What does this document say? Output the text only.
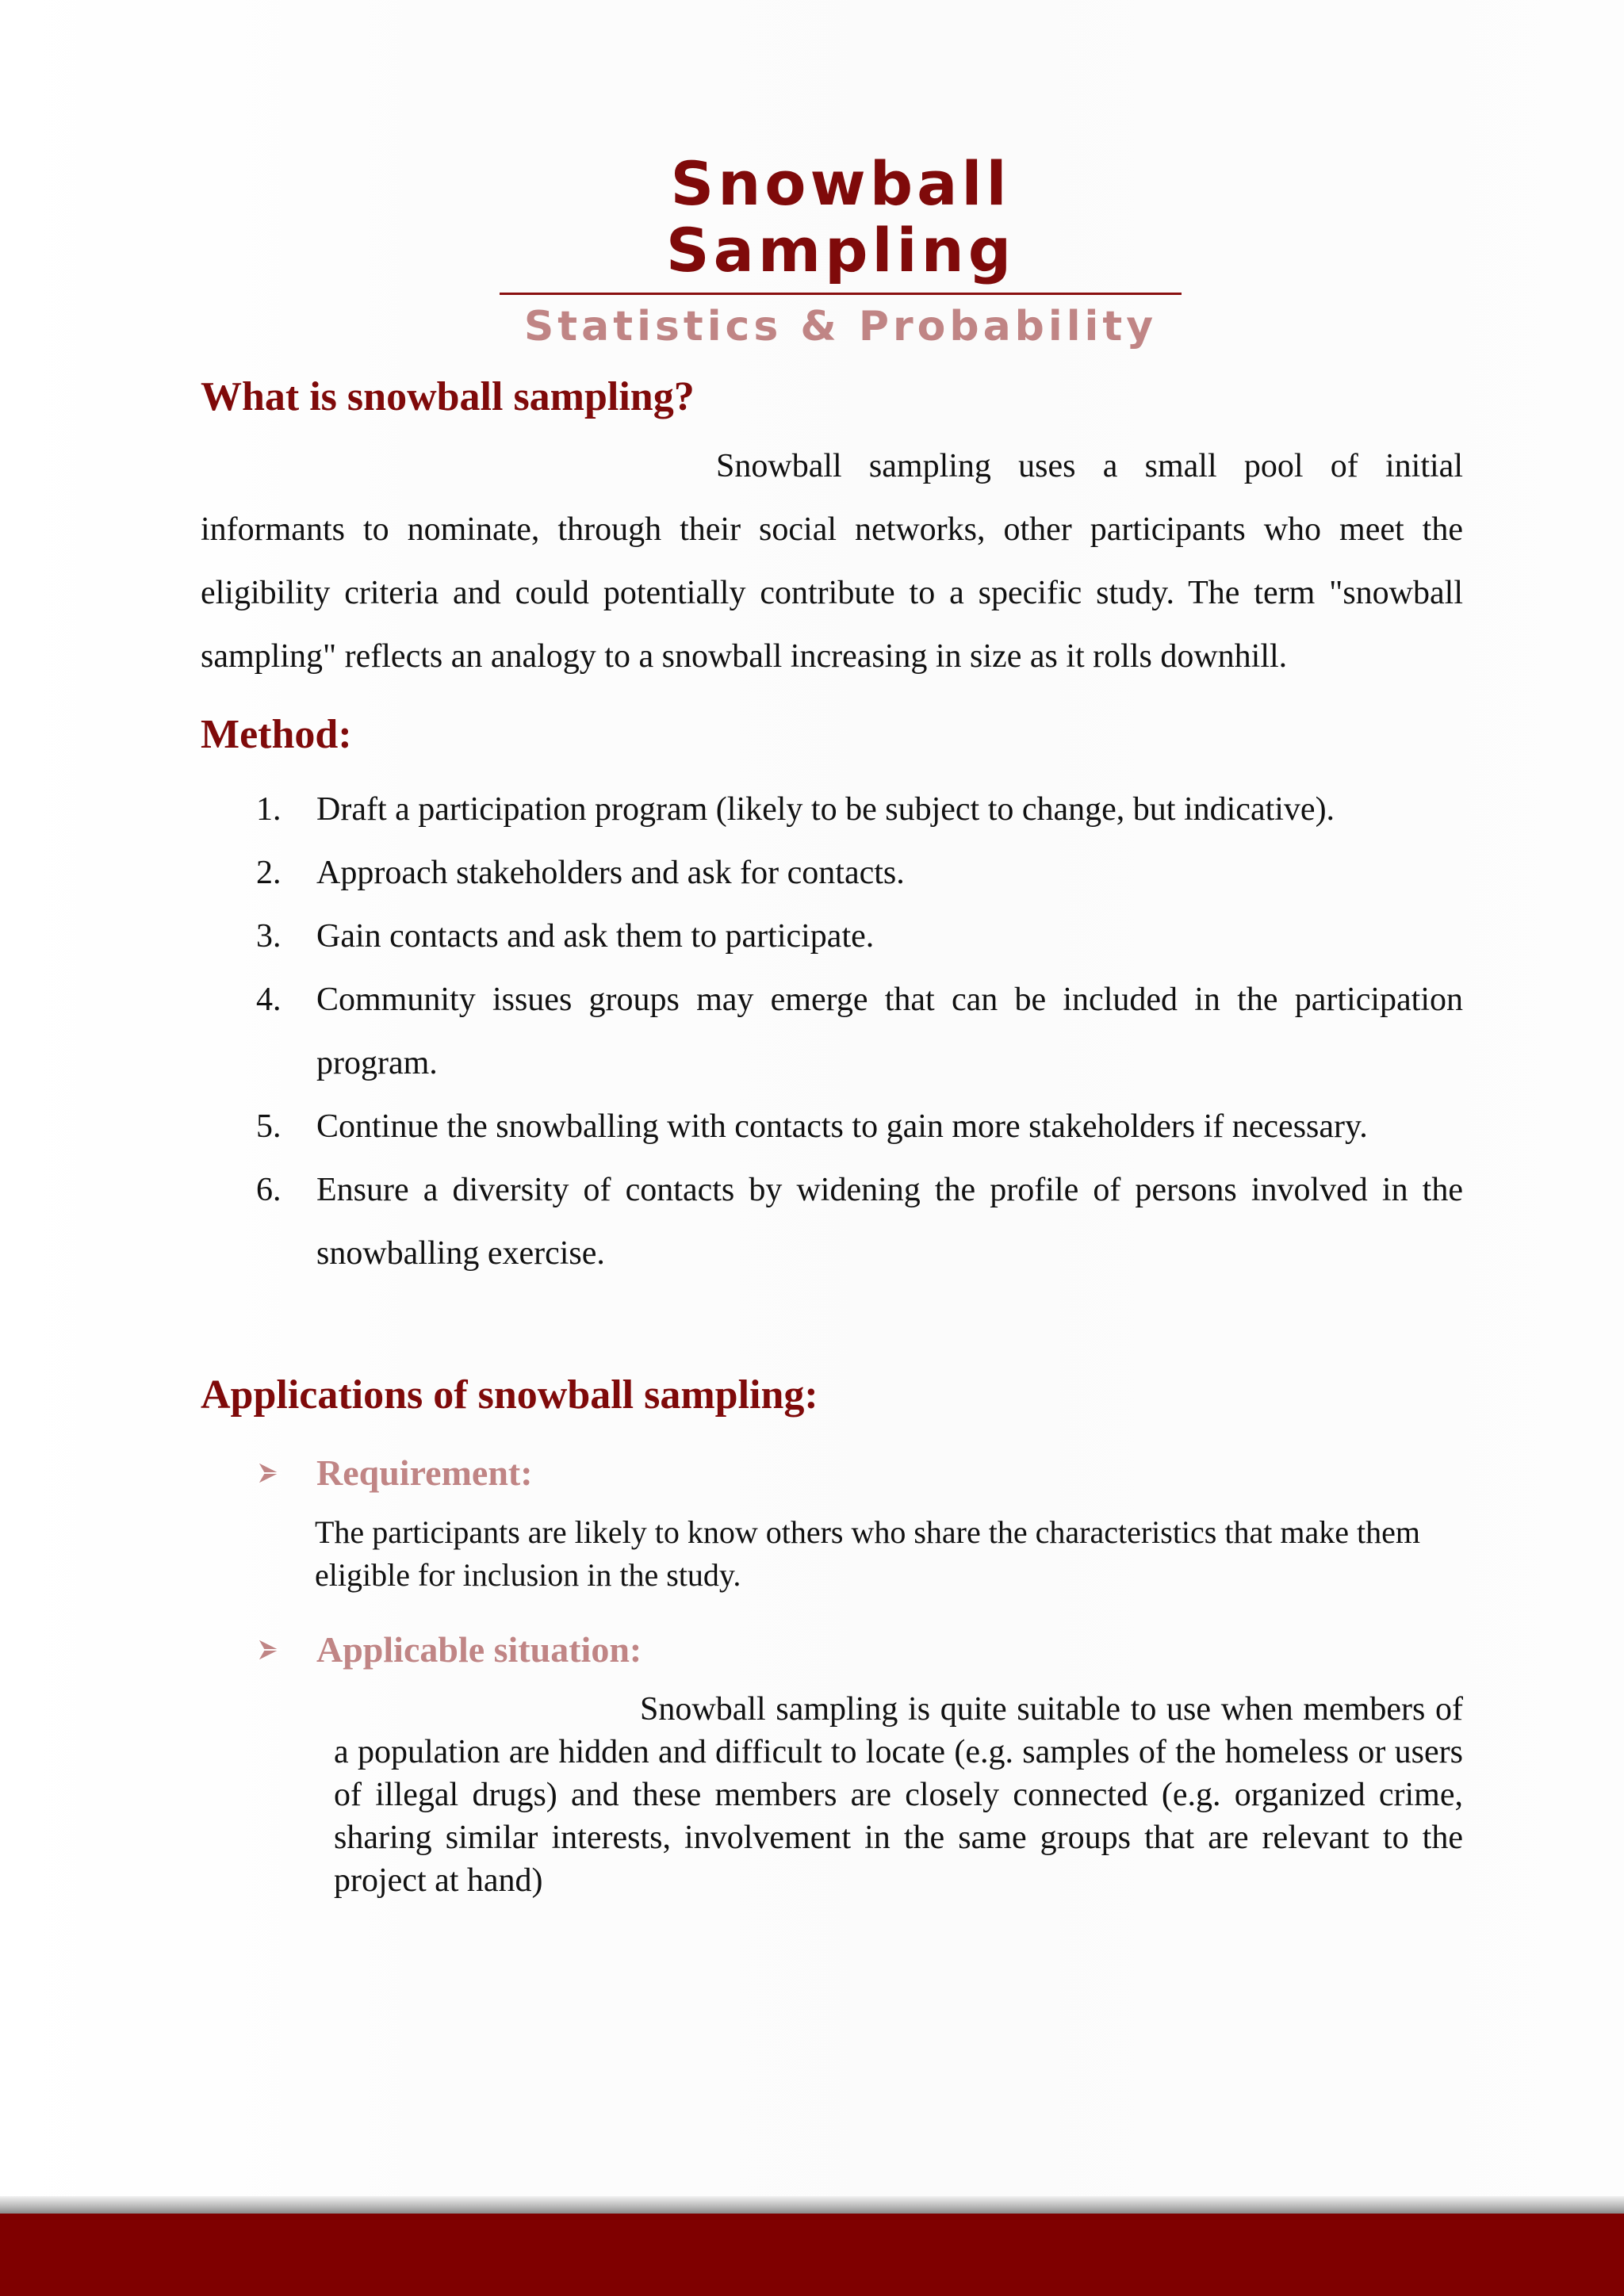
Snowball Sampling
Statistics & Probability
What is snowball sampling?

Snowball sampling uses a small pool of initial informants to nominate, through their social networks, other participants who meet the eligibility criteria and could potentially contribute to a specific study. The term "snowball sampling" reflects an analogy to a snowball increasing in size as it rolls downhill.

Method:
1.	Draft a participation program (likely to be subject to change, but indicative).
2.	Approach stakeholders and ask for contacts.
3.	Gain contacts and ask them to participate.
4.	Community issues groups may emerge that can be included in the participation program.
5.	Continue the snowballing with contacts to gain more stakeholders if necessary.
6.	Ensure a diversity of contacts by widening the profile of persons involved in the snowballing exercise.
Applications of snowball sampling:
Requirement:
The participants are likely to know others who share the characteristics that make them eligible for inclusion in the study.
Applicable situation:
Snowball sampling is quite suitable to use when members of a population are hidden and difficult to locate (e.g. samples of the homeless or users of illegal drugs) and these members are closely connected (e.g. organized crime, sharing similar interests, involvement in the same groups that are relevant to the project at hand)
